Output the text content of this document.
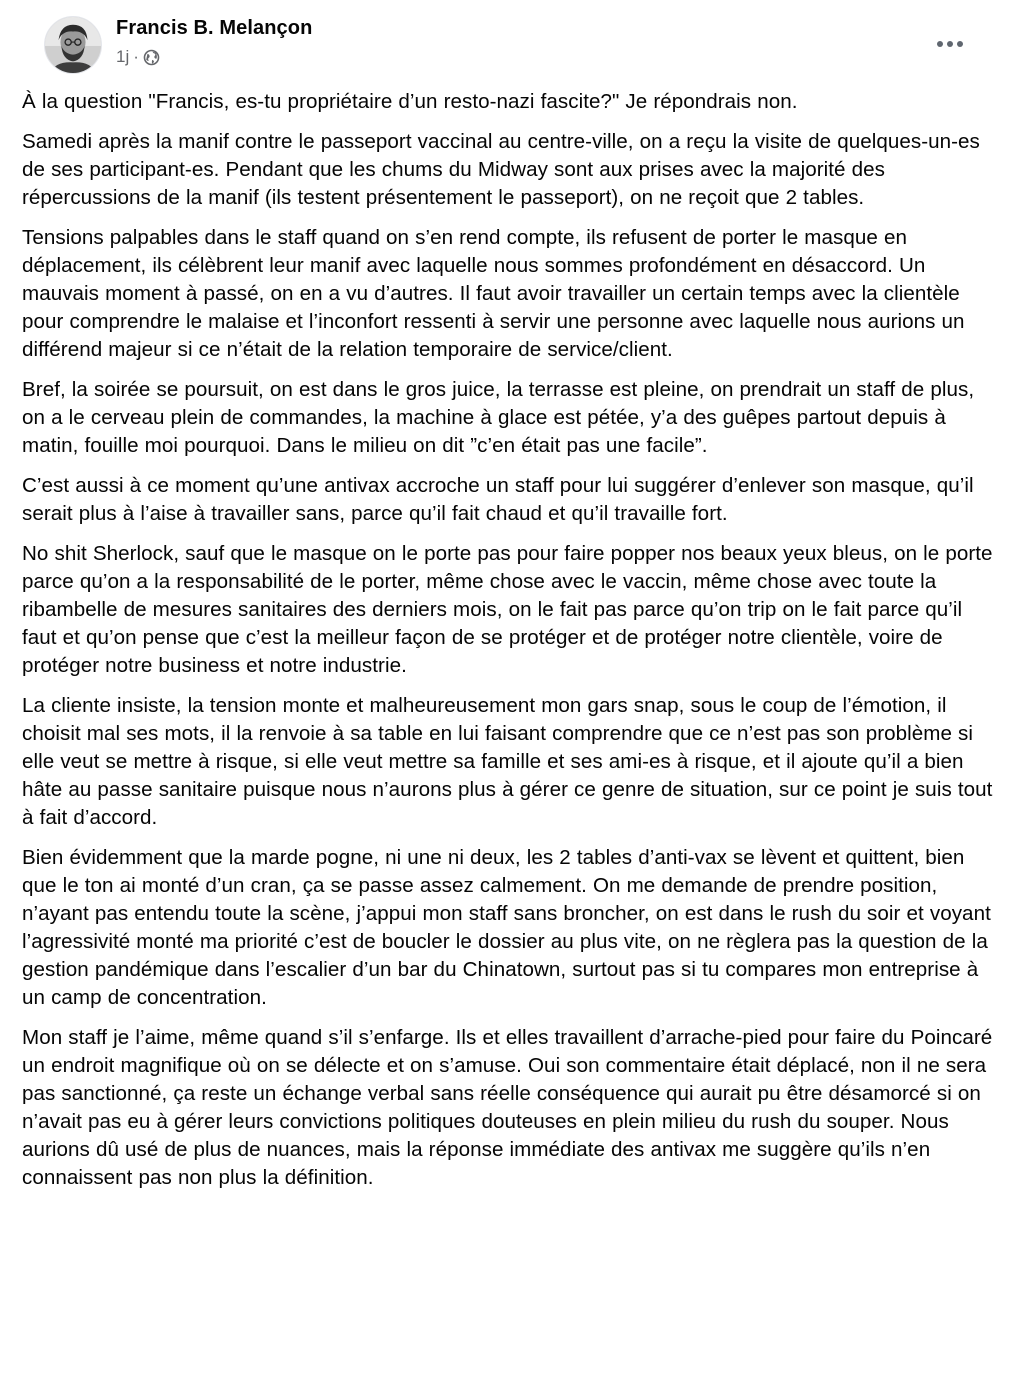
Francis B. Melançon
1j ·

À la question "Francis, es-tu propriétaire d’un resto-nazi fascite?" Je répondrais non.

Samedi après la manif contre le passeport vaccinal au centre-ville, on a reçu la visite de quelques-un-es de ses participant-es. Pendant que les chums du Midway sont aux prises avec la majorité des répercussions de la manif (ils testent présentement le passeport), on ne reçoit que 2 tables.

Tensions palpables dans le staff quand on s’en rend compte, ils refusent de porter le masque en déplacement, ils célèbrent leur manif avec laquelle nous sommes profondément en désaccord. Un mauvais moment à passé, on en a vu d’autres. Il faut avoir travailler un certain temps avec la clientèle pour comprendre le malaise et l’inconfort ressenti à servir une personne avec laquelle nous aurions un différend majeur si ce n’était de la relation temporaire de service/client.

Bref, la soirée se poursuit, on est dans le gros juice, la terrasse est pleine, on prendrait un staff de plus, on a le cerveau plein de commandes, la machine à glace est pétée, y’a des guêpes partout depuis à matin, fouille moi pourquoi. Dans le milieu on dit ”c’en était pas une facile”.

C’est aussi à ce moment qu’une antivax accroche un staff pour lui suggérer d’enlever son masque, qu’il serait plus à l’aise à travailler sans, parce qu’il fait chaud et qu’il travaille fort.

No shit Sherlock, sauf que le masque on le porte pas pour faire popper nos beaux yeux bleus, on le porte parce qu’on a la responsabilité de le porter, même chose avec le vaccin, même chose avec toute la ribambelle de mesures sanitaires des derniers mois, on le fait pas parce qu’on trip on le fait parce qu’il faut et qu’on pense que c’est la meilleur façon de se protéger et de protéger notre clientèle, voire de protéger notre business et notre industrie.

La cliente insiste, la tension monte et malheureusement mon gars snap, sous le coup de l’émotion, il choisit mal ses mots, il la renvoie à sa table en lui faisant comprendre que ce n’est pas son problème si elle veut se mettre à risque, si elle veut mettre sa famille et ses ami-es à risque, et il ajoute qu’il a bien hâte au passe sanitaire puisque nous n’aurons plus à gérer ce genre de situation, sur ce point je suis tout à fait d’accord.

Bien évidemment que la marde pogne, ni une ni deux, les 2 tables d’anti-vax se lèvent et quittent, bien que le ton ai monté d’un cran, ça se passe assez calmement. On me demande de prendre position, n’ayant pas entendu toute la scène, j’appui mon staff sans broncher, on est dans le rush du soir et voyant l’agressivité monté ma priorité c’est de boucler le dossier au plus vite, on ne règlera pas la question de la gestion pandémique dans l’escalier d’un bar du Chinatown, surtout pas si tu compares mon entreprise à un camp de concentration.

Mon staff je l’aime, même quand s’il s’enfarge. Ils et elles travaillent d’arrache-pied pour faire du Poincaré un endroit magnifique où on se délecte et on s’amuse. Oui son commentaire était déplacé, non il ne sera pas sanctionné, ça reste un échange verbal sans réelle conséquence qui aurait pu être désamorcé si on n’avait pas eu à gérer leurs convictions politiques douteuses en plein milieu du rush du souper. Nous aurions dû usé de plus de nuances, mais la réponse immédiate des antivax me suggère qu’ils n’en connaissent pas non plus la définition.
